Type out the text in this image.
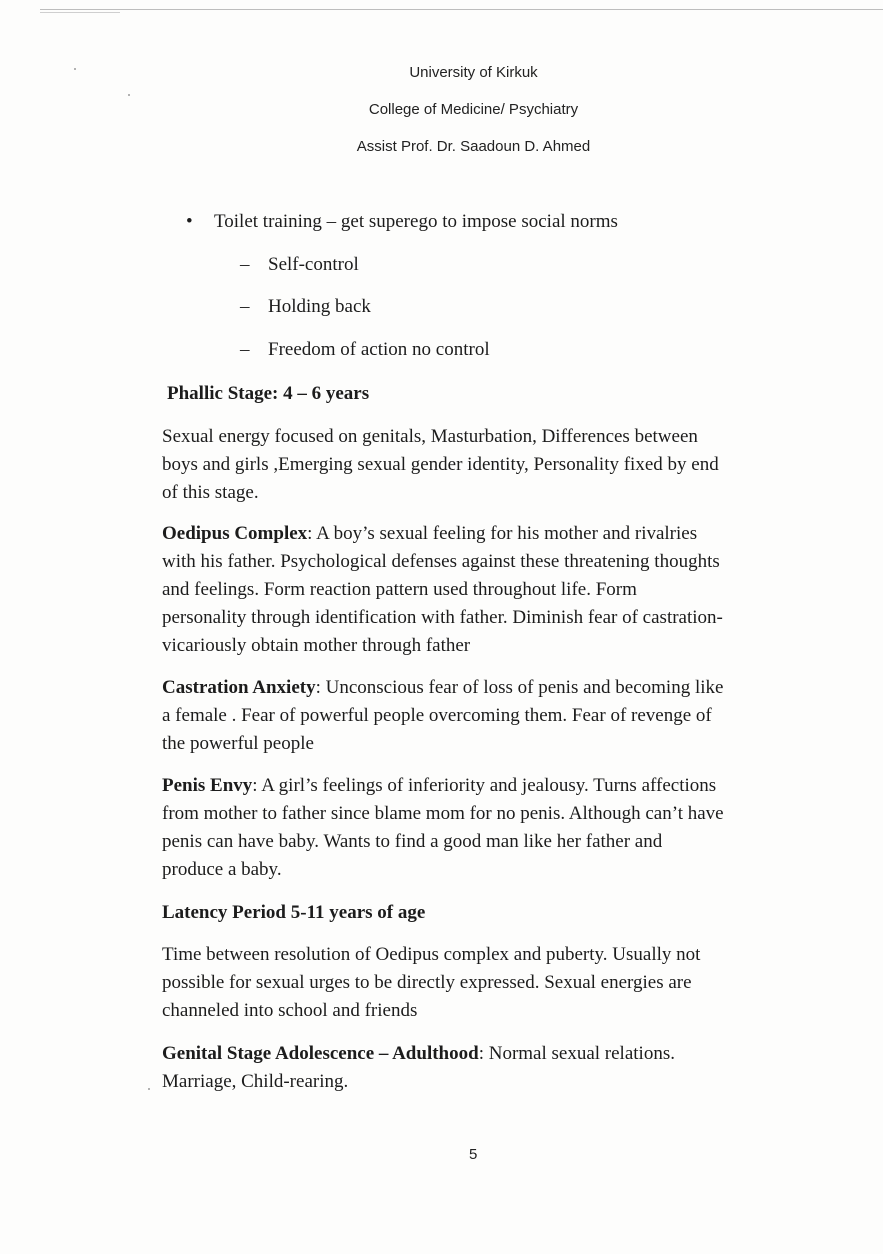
University of Kirkuk
College of Medicine/ Psychiatry
Assist Prof. Dr. Saadoun D. Ahmed
• Toilet training – get superego to impose social norms
– Self-control
– Holding back
– Freedom of action no control
Phallic Stage: 4 – 6 years
Sexual energy focused on genitals, Masturbation, Differences between
boys and girls ,Emerging sexual gender identity, Personality fixed by end
of this stage.
Oedipus Complex: A boy’s sexual feeling for his mother and rivalries
with his father. Psychological defenses against these threatening thoughts
and feelings. Form reaction pattern used throughout life. Form
personality through identification with father. Diminish fear of castration-
vicariously obtain mother through father
Castration Anxiety: Unconscious fear of loss of penis and becoming like
a female . Fear of powerful people overcoming them. Fear of revenge of
the powerful people
Penis Envy: A girl’s feelings of inferiority and jealousy. Turns affections
from mother to father since blame mom for no penis. Although can’t have
penis can have baby. Wants to find a good man like her father and
produce a baby.
Latency Period 5-11 years of age
Time between resolution of Oedipus complex and puberty. Usually not
possible for sexual urges to be directly expressed. Sexual energies are
channeled into school and friends
Genital Stage Adolescence – Adulthood: Normal sexual relations.
Marriage, Child-rearing.
5
